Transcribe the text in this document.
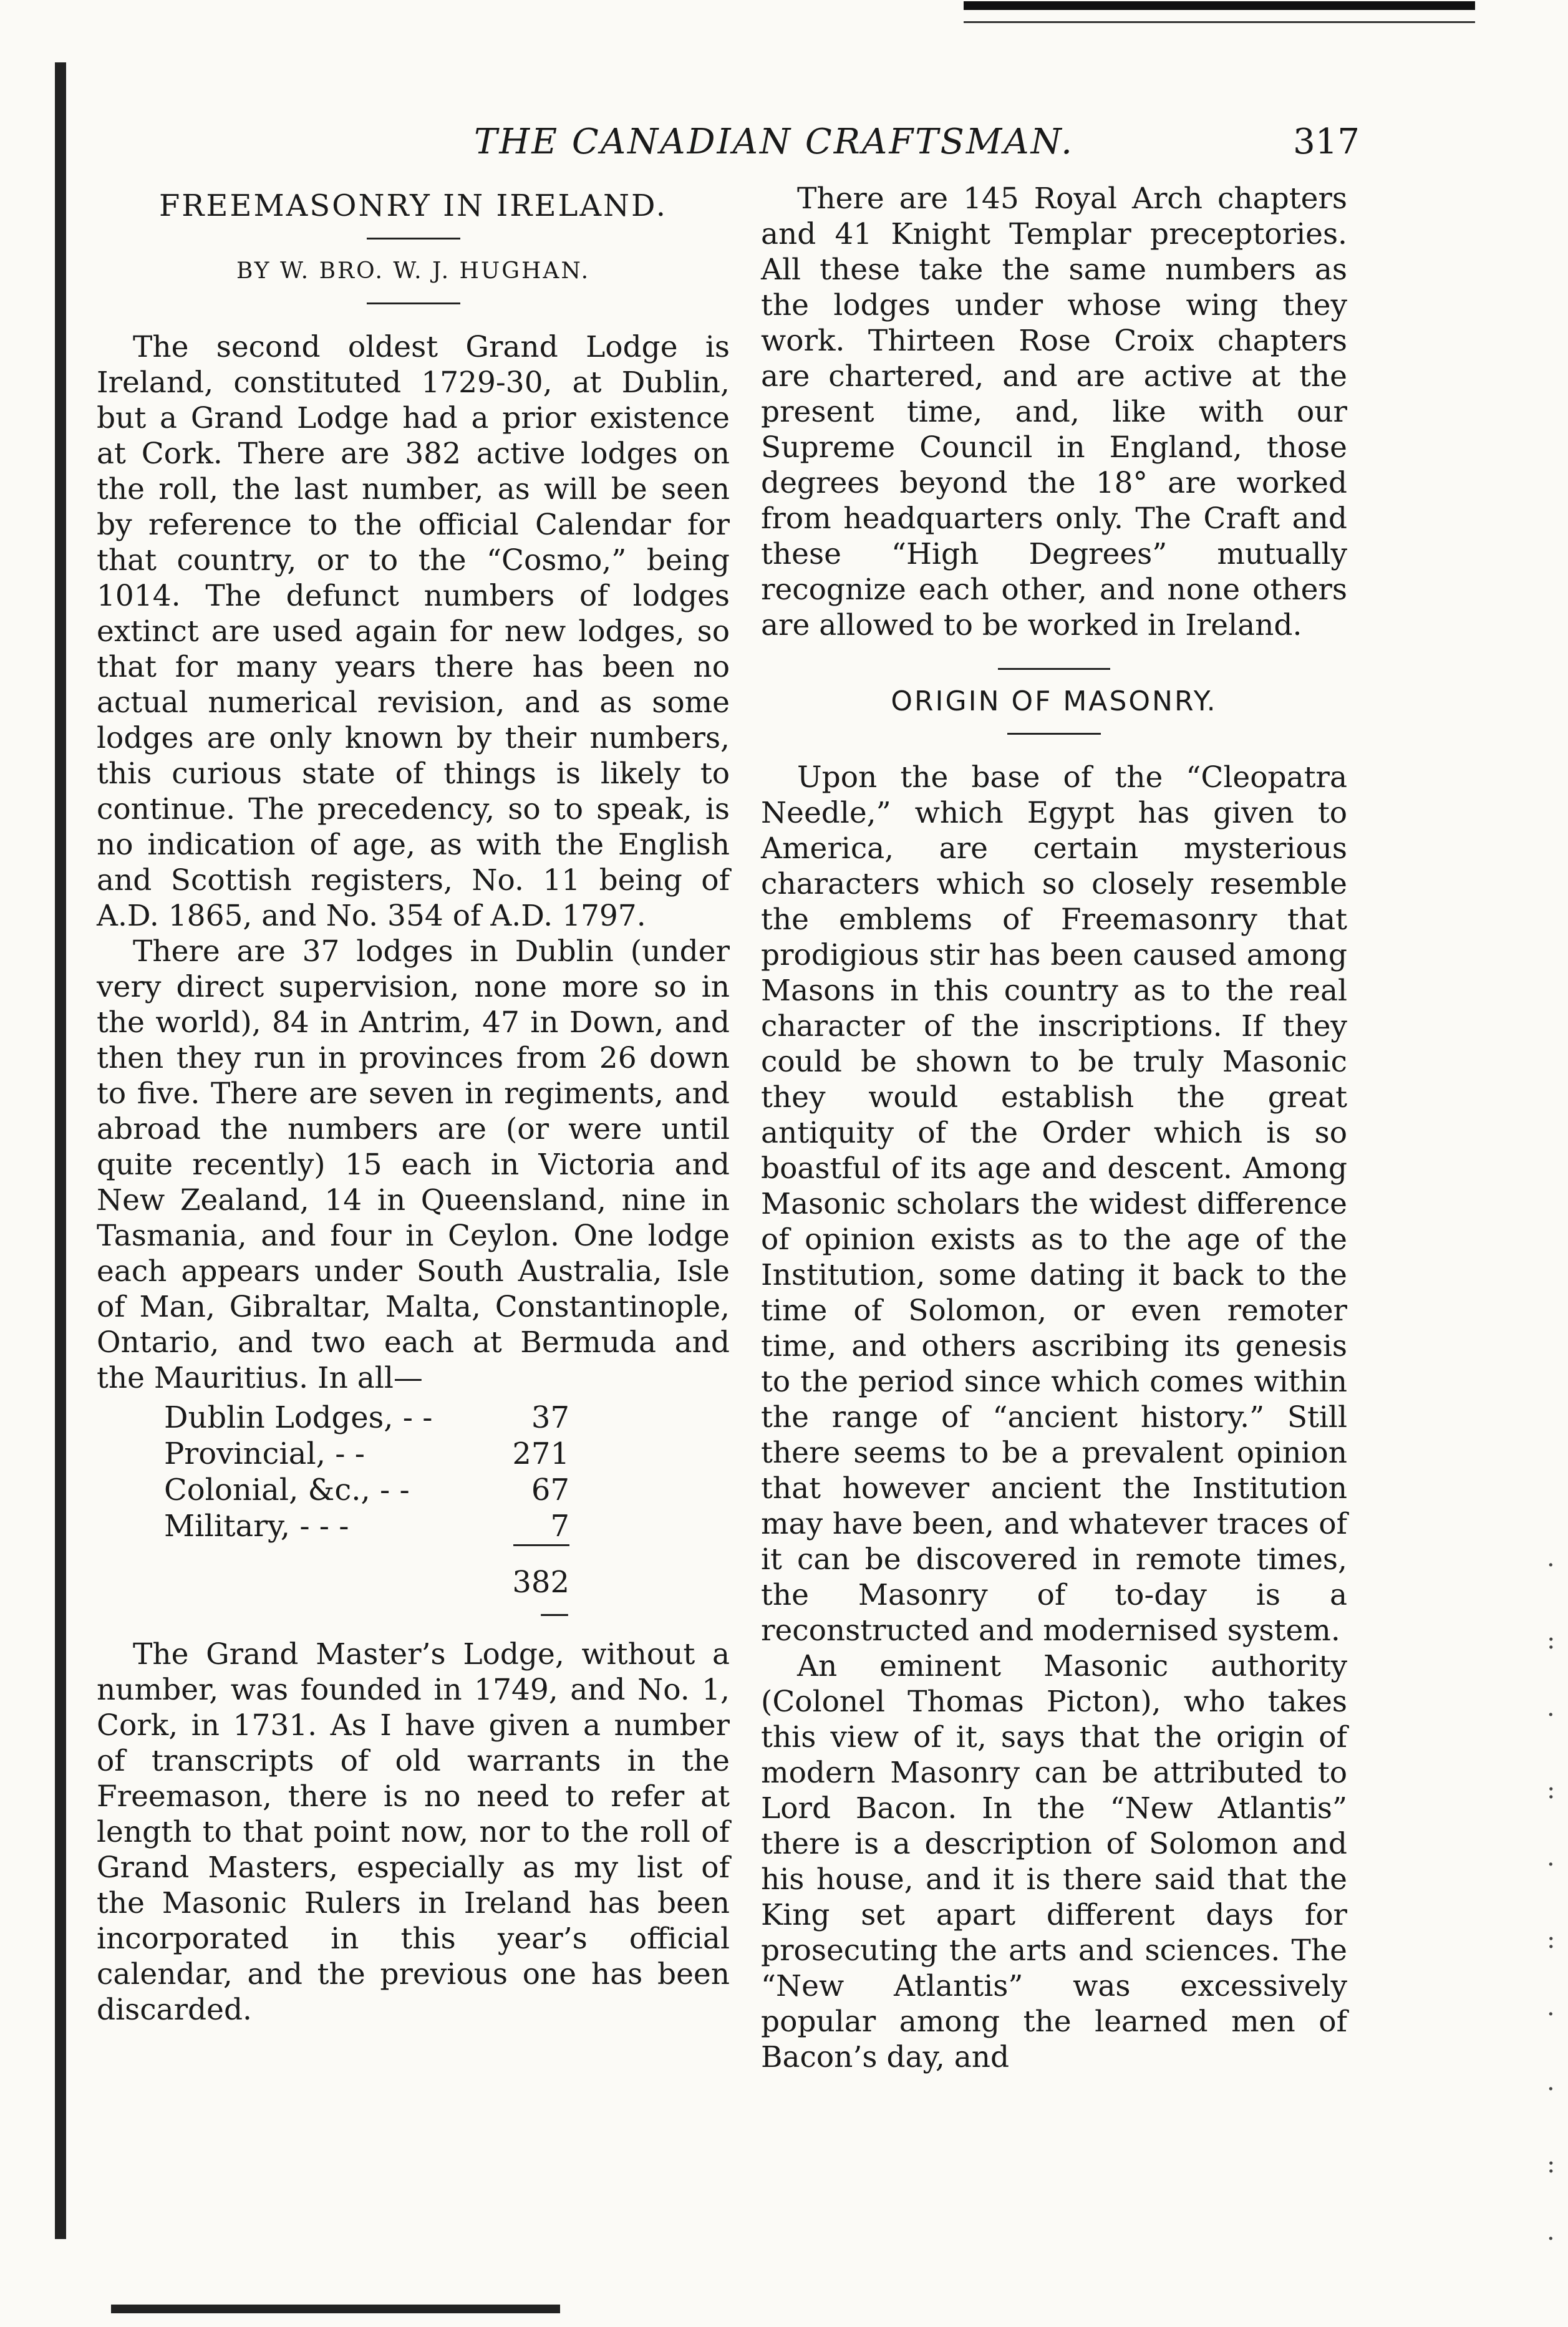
·
:
·
:
·
:
·
·
:
·
THE CANADIAN CRAFTSMAN.	317
FREEMASONRY IN IRELAND.
BY W. BRO. W. J. HUGHAN.

The second oldest Grand Lodge is Ireland, constituted 1729-30, at Dublin, but a Grand Lodge had a prior existence at Cork. There are 382 active lodges on the roll, the last number, as will be seen by reference to the official Calendar for that country, or to the “Cosmo,” being 1014. The defunct numbers of lodges extinct are used again for new lodges, so that for many years there has been no actual numerical revision, and as some lodges are only known by their numbers, this curious state of things is likely to continue. The precedency, so to speak, is no indication of age, as with the English and Scottish registers, No. 11 being of A.D. 1865, and No. 354 of A.D. 1797.

There are 37 lodges in Dublin (under very direct supervision, none more so in the world), 84 in Antrim, 47 in Down, and then they run in provinces from 26 down to five. There are seven in regiments, and abroad the numbers are (or were until quite recently) 15 each in Victoria and New Zealand, 14 in Queensland, nine in Tasmania, and four in Ceylon. One lodge each appears under South Australia, Isle of Man, Gibraltar, Malta, Constantinople, Ontario, and two each at Bermuda and the Mauritius. In all—

Dublin Lodges, - -	37
Provincial, - -	271
Colonial, &c., - -	67
Military, - - -	7
382
—

The Grand Master’s Lodge, without a number, was founded in 1749, and No. 1, Cork, in 1731. As I have given a number of transcripts of old warrants in the Freemason, there is no need to refer at length to that point now, nor to the roll of Grand Masters, especially as my list of the Masonic Rulers in Ireland has been incorporated in this year’s official calendar, and the previous one has been discarded.

There are 145 Royal Arch chapters and 41 Knight Templar preceptories. All these take the same numbers as the lodges under whose wing they work. Thirteen Rose Croix chapters are chartered, and are active at the present time, and, like with our Supreme Council in England, those degrees beyond the 18° are worked from headquarters only. The Craft and these “High Degrees” mutually recognize each other, and none others are allowed to be worked in Ireland.

ORIGIN OF MASONRY.

Upon the base of the “Cleopatra Needle,” which Egypt has given to America, are certain mysterious characters which so closely resemble the emblems of Freemasonry that prodigious stir has been caused among Masons in this country as to the real character of the inscriptions. If they could be shown to be truly Masonic they would establish the great antiquity of the Order which is so boastful of its age and descent. Among Masonic scholars the widest difference of opinion exists as to the age of the Institution, some dating it back to the time of Solomon, or even remoter time, and others ascribing its genesis to the period since which comes within the range of “ancient history.” Still there seems to be a prevalent opinion that however ancient the Institution may have been, and whatever traces of it can be discovered in remote times, the Masonry of to-day is a reconstructed and modernised system.

An eminent Masonic authority (Colonel Thomas Picton), who takes this view of it, says that the origin of modern Masonry can be attributed to Lord Bacon. In the “New Atlantis” there is a description of Solomon and his house, and it is there said that the King set apart different days for prosecuting the arts and sciences. The “New Atlantis” was excessively popular among the learned men of Bacon’s day, and
